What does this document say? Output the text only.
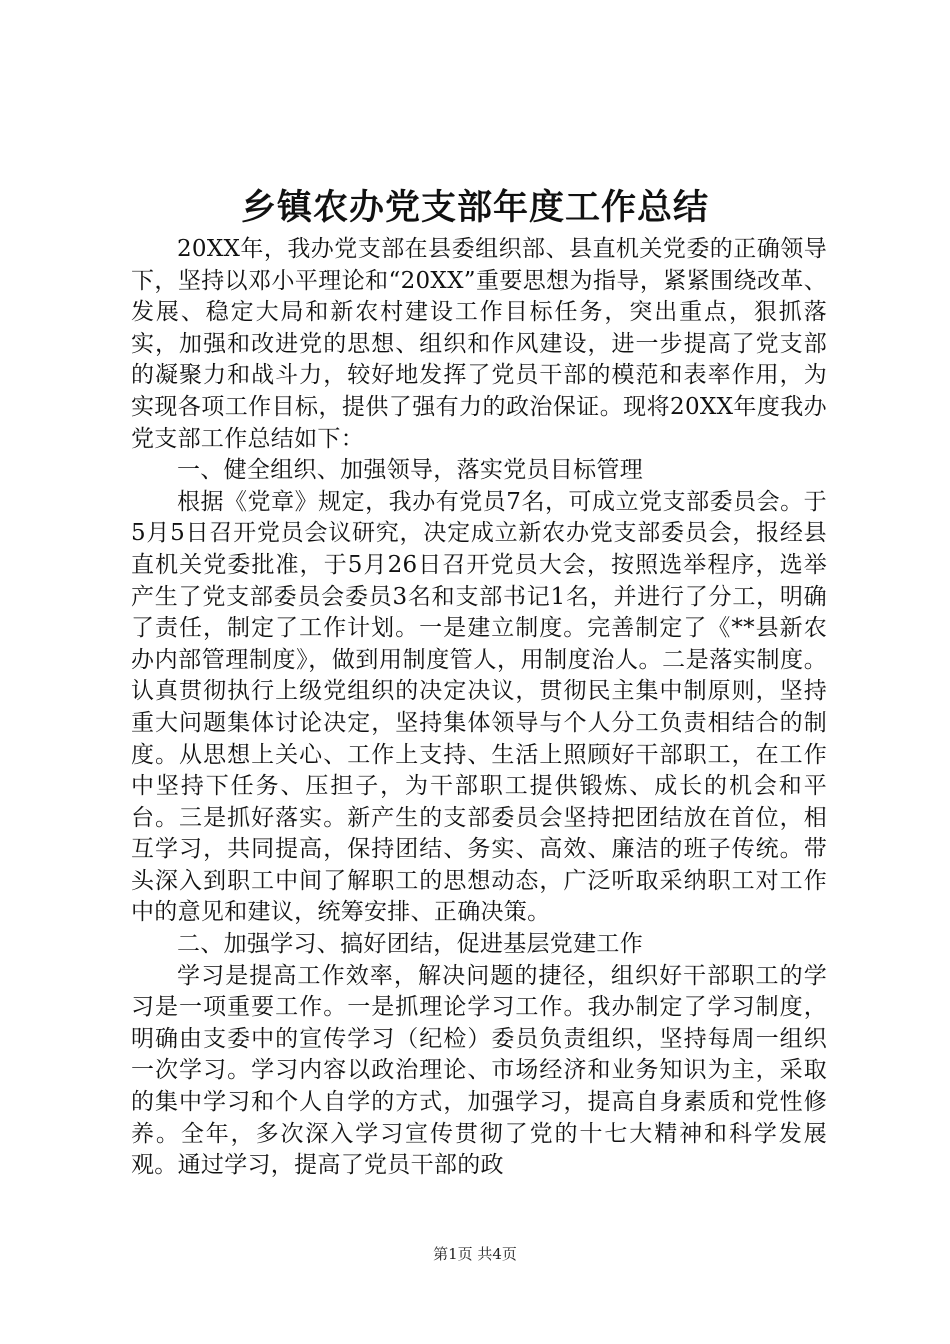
乡镇农办党支部年度工作总结

20XX年，我办党支部在县委组织部、县直机关党委的正确领导下，坚持以邓小平理论和“20XX”重要思想为指导，紧紧围绕改革、发展、稳定大局和新农村建设工作目标任务，突出重点，狠抓落实，加强和改进党的思想、组织和作风建设，进一步提高了党支部的凝聚力和战斗力，较好地发挥了党员干部的模范和表率作用，为实现各项工作目标，提供了强有力的政治保证。现将20XX年度我办党支部工作总结如下：

一、健全组织、加强领导，落实党员目标管理

根据《党章》规定，我办有党员7名，可成立党支部委员会。于5月5日召开党员会议研究，决定成立新农办党支部委员会，报经县直机关党委批准，于5月26日召开党员大会，按照选举程序，选举产生了党支部委员会委员3名和支部书记1名，并进行了分工，明确了责任，制定了工作计划。一是建立制度。完善制定了《**县新农办内部管理制度》，做到用制度管人，用制度治人。二是落实制度。认真贯彻执行上级党组织的决定决议，贯彻民主集中制原则，坚持重大问题集体讨论决定，坚持集体领导与个人分工负责相结合的制度。从思想上关心、工作上支持、生活上照顾好干部职工，在工作中坚持下任务、压担子，为干部职工提供锻炼、成长的机会和平台。三是抓好落实。新产生的支部委员会坚持把团结放在首位，相互学习，共同提高，保持团结、务实、高效、廉洁的班子传统。带头深入到职工中间了解职工的思想动态，广泛听取采纳职工对工作中的意见和建议，统筹安排、正确决策。

二、加强学习、搞好团结，促进基层党建工作

学习是提高工作效率，解决问题的捷径，组织好干部职工的学习是一项重要工作。一是抓理论学习工作。我办制定了学习制度，明确由支委中的宣传学习（纪检）委员负责组织，坚持每周一组织一次学习。学习内容以政治理论、市场经济和业务知识为主，采取的集中学习和个人自学的方式，加强学习，提高自身素质和党性修养。全年，多次深入学习宣传贯彻了党的十七大精神和科学发展观。通过学习，提高了党员干部的政

第1页 共4页
